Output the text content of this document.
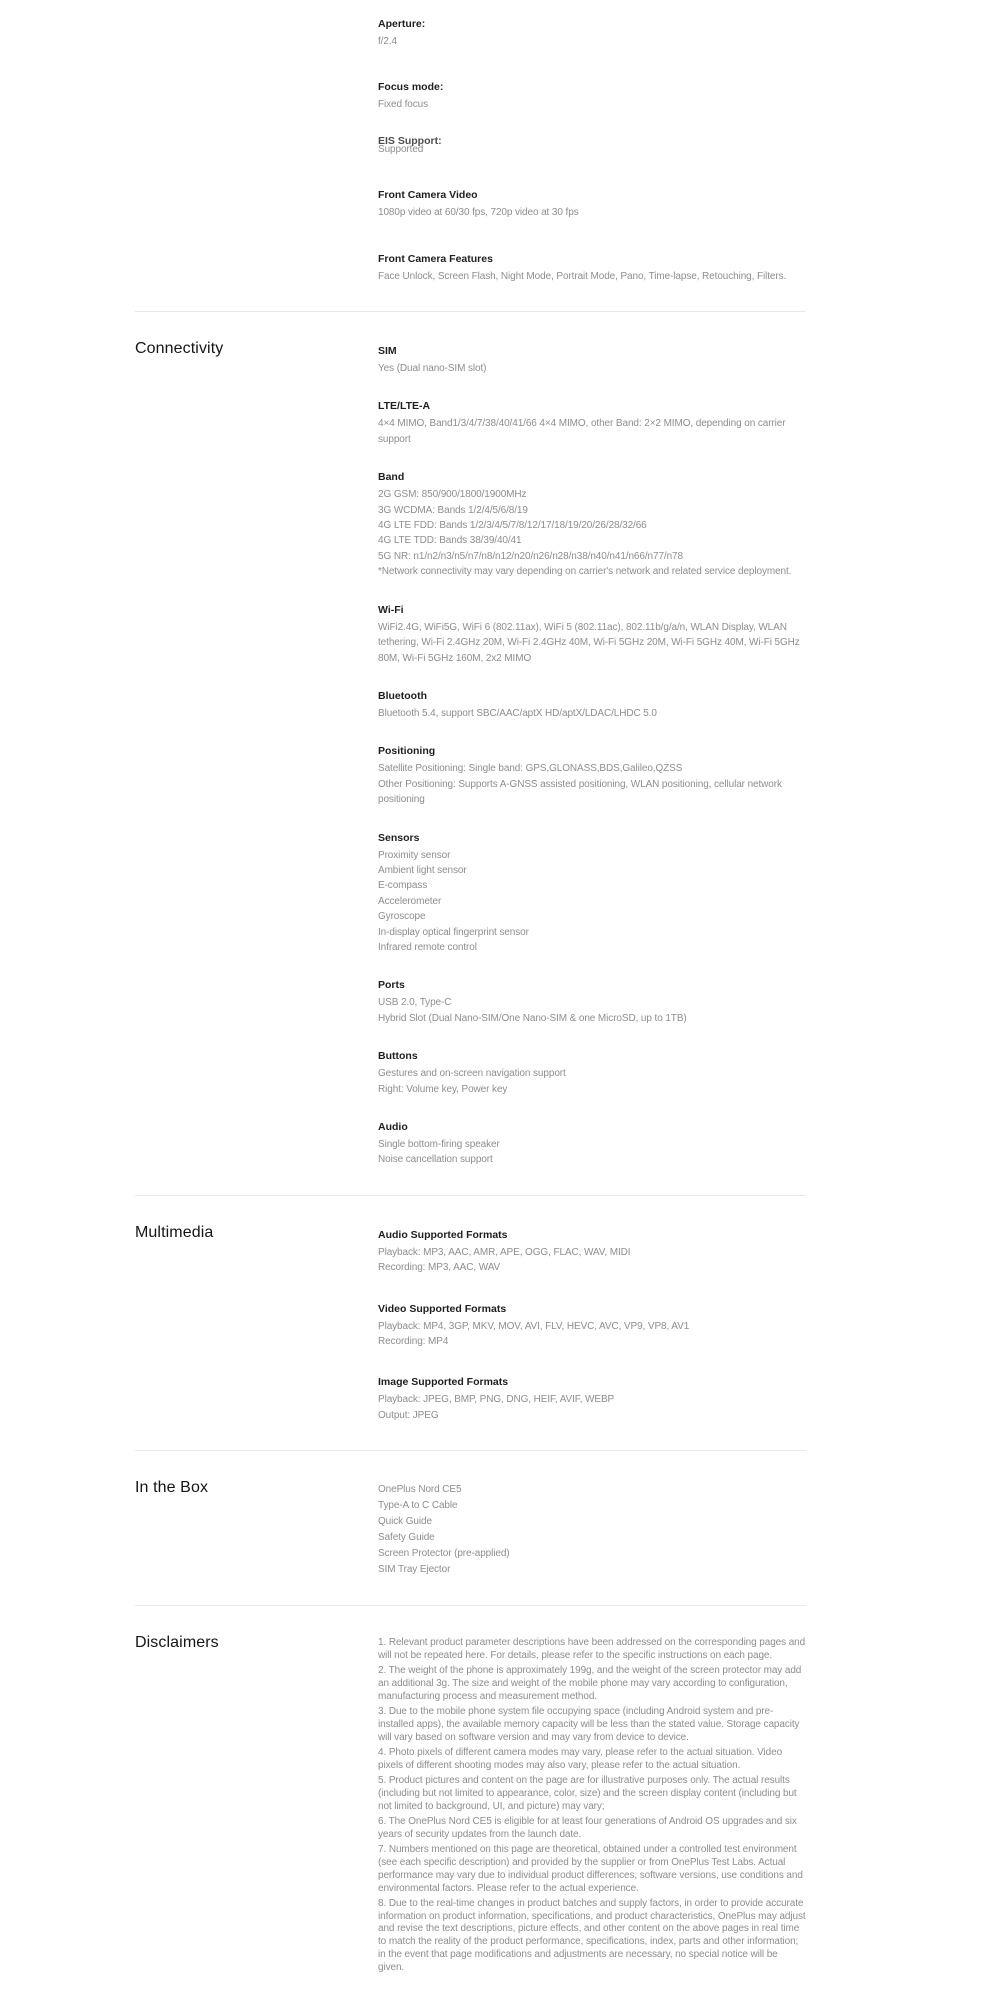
Aperture:
f/2.4
Focus mode:
Fixed focus
EIS Support:
Supported
Front Camera Video
1080p video at 60/30 fps, 720p video at 30 fps
Front Camera Features
Face Unlock, Screen Flash, Night Mode, Portrait Mode, Pano, Time-lapse, Retouching, Filters.
Connectivity	SIM
Yes (Dual nano-SIM slot)
LTE/LTE-A
4×4 MIMO, Band1/3/4/7/38/40/41/66 4×4 MIMO, other Band: 2×2 MIMO, depending on carrier support
Band
2G GSM: 850/900/1800/1900MHz
3G WCDMA: Bands 1/2/4/5/6/8/19
4G LTE FDD: Bands 1/2/3/4/5/7/8/12/17/18/19/20/26/28/32/66
4G LTE TDD: Bands 38/39/40/41
5G NR: n1/n2/n3/n5/n7/n8/n12/n20/n26/n28/n38/n40/n41/n66/n77/n78
*Network connectivity may vary depending on carrier's network and related service deployment.
Wi-Fi
WiFi2.4G, WiFi5G, WiFi 6 (802.11ax), WiFi 5 (802.11ac), 802.11b/g/a/n, WLAN Display, WLAN tethering, Wi-Fi 2.4GHz 20M, Wi-Fi 2.4GHz 40M, Wi-Fi 5GHz 20M, Wi-Fi 5GHz 40M, Wi-Fi 5GHz 80M, Wi-Fi 5GHz 160M, 2x2 MIMO
Bluetooth
Bluetooth 5.4, support SBC/AAC/aptX HD/aptX/LDAC/LHDC 5.0
Positioning
Satellite Positioning: Single band: GPS,GLONASS,BDS,Galileo,QZSS
Other Positioning: Supports A-GNSS assisted positioning, WLAN positioning, cellular network positioning
Sensors
Proximity sensor
Ambient light sensor
E-compass
Accelerometer
Gyroscope
In-display optical fingerprint sensor
Infrared remote control
Ports
USB 2.0, Type-C
Hybrid Slot (Dual Nano-SIM/One Nano-SIM & one MicroSD, up to 1TB)
Buttons
Gestures and on-screen navigation support
Right: Volume key, Power key
Audio
Single bottom-firing speaker
Noise cancellation support
Multimedia	Audio Supported Formats
Playback: MP3, AAC, AMR, APE, OGG, FLAC, WAV, MIDI
Recording: MP3, AAC, WAV
Video Supported Formats
Playback: MP4, 3GP, MKV, MOV, AVI, FLV, HEVC, AVC, VP9, VP8, AV1
Recording: MP4
Image Supported Formats
Playback: JPEG, BMP, PNG, DNG, HEIF, AVIF, WEBP
Output: JPEG
In the Box	OnePlus Nord CE5
Type-A to C Cable
Quick Guide
Safety Guide
Screen Protector (pre-applied)
SIM Tray Ejector
Disclaimers	1. Relevant product parameter descriptions have been addressed on the corresponding pages and will not be repeated here. For details, please refer to the specific instructions on each page.

2. The weight of the phone is approximately 199g, and the weight of the screen protector may add an additional 3g. The size and weight of the mobile phone may vary according to configuration, manufacturing process and measurement method.

3. Due to the mobile phone system file occupying space (including Android system and pre-installed apps), the available memory capacity will be less than the stated value. Storage capacity will vary based on software version and may vary from device to device.

4. Photo pixels of different camera modes may vary, please refer to the actual situation. Video pixels of different shooting modes may also vary, please refer to the actual situation.

5. Product pictures and content on the page are for illustrative purposes only. The actual results (including but not limited to appearance, color, size) and the screen display content (including but not limited to background, UI, and picture) may vary;

6. The OnePlus Nord CE5 is eligible for at least four generations of Android OS upgrades and six years of security updates from the launch date.

7. Numbers mentioned on this page are theoretical, obtained under a controlled test environment (see each specific description) and provided by the supplier or from OnePlus Test Labs. Actual performance may vary due to individual product differences, software versions, use conditions and environmental factors. Please refer to the actual experience.

8. Due to the real-time changes in product batches and supply factors, in order to provide accurate information on product information, specifications, and product characteristics, OnePlus may adjust and revise the text descriptions, picture effects, and other content on the above pages in real time to match the reality of the product performance, specifications, index, parts and other information; in the event that page modifications and adjustments are necessary, no special notice will be given.
